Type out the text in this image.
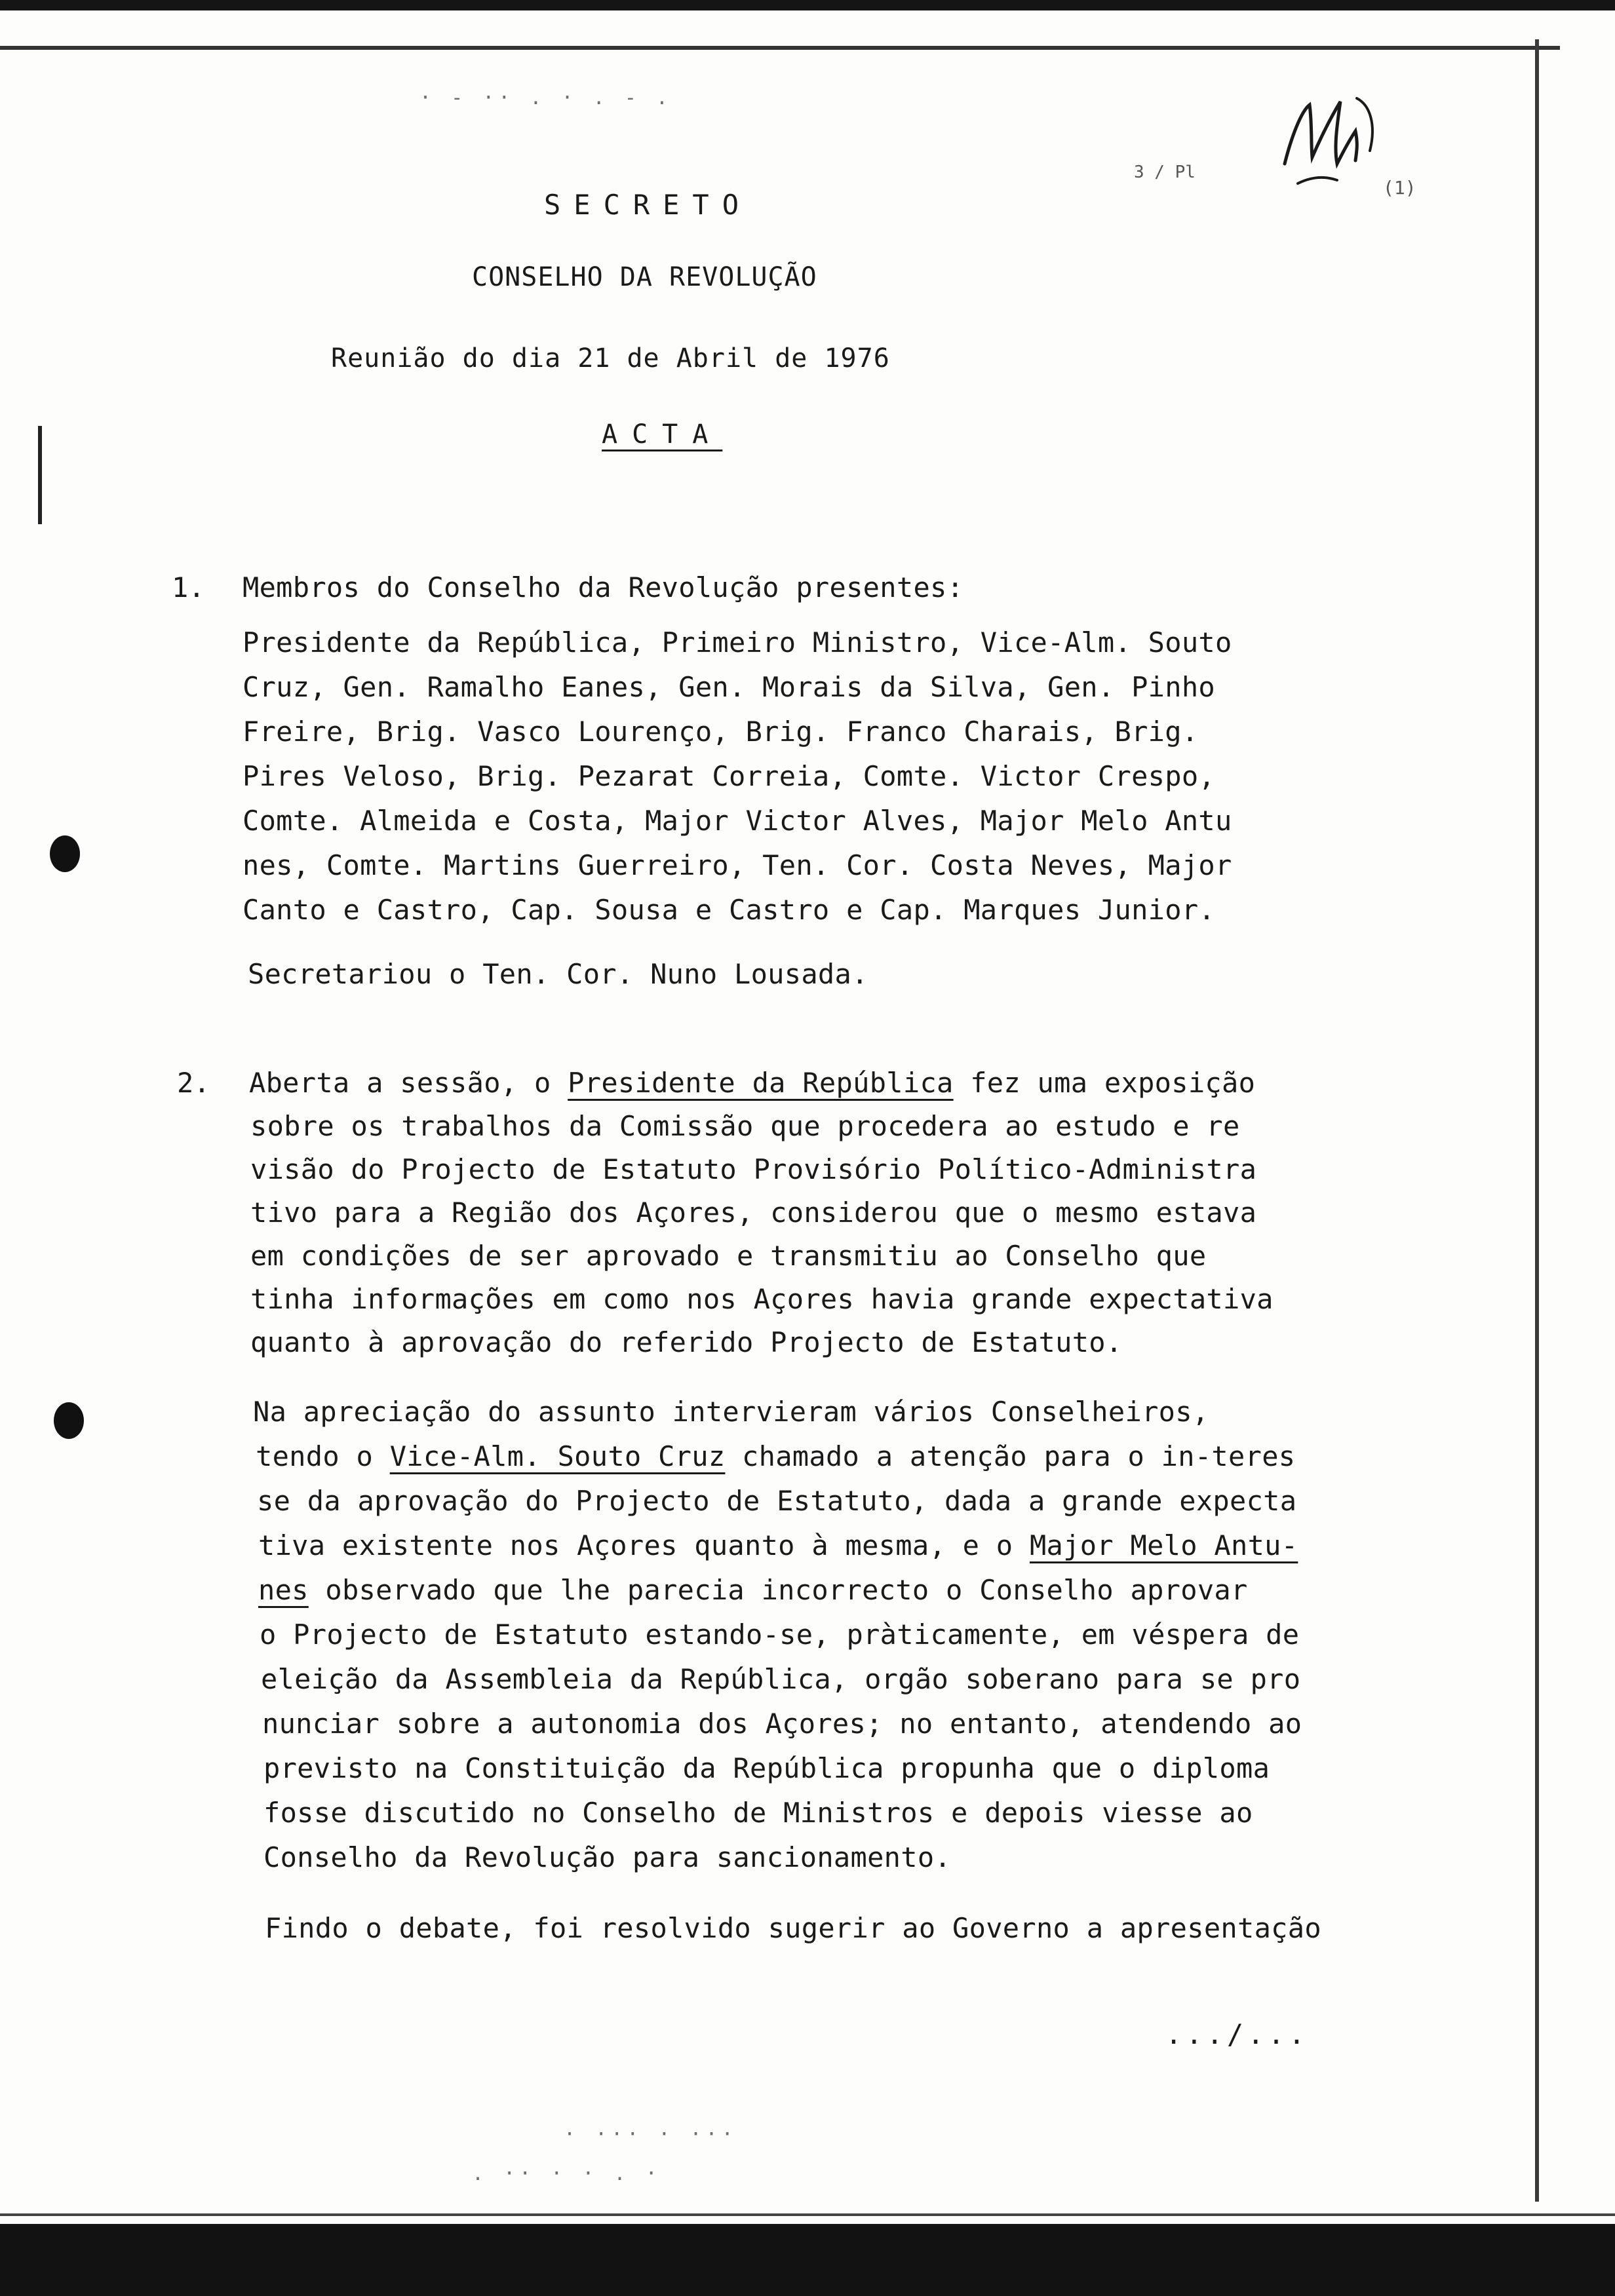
· - ·· . · . - .
· ··· · ···
. ·· · · . ·
3 / Pl
(1)
SECRETO
CONSELHO DA REVOLUÇÃO
Reunião do dia 21 de Abril de 1976
ACTA
1. Membros do Conselho da Revolução presentes:
Presidente da República, Primeiro Ministro, Vice-Alm. Souto
Cruz, Gen. Ramalho Eanes, Gen. Morais da Silva, Gen. Pinho
Freire, Brig. Vasco Lourenço, Brig. Franco Charais, Brig.
Pires Veloso, Brig. Pezarat Correia, Comte. Victor Crespo,
Comte. Almeida e Costa, Major Victor Alves, Major Melo Antu
nes, Comte. Martins Guerreiro, Ten. Cor. Costa Neves, Major
Canto e Castro, Cap. Sousa e Castro e Cap. Marques Junior.
Secretariou o Ten. Cor. Nuno Lousada.
2. Aberta a sessão, o Presidente da República fez uma exposição
sobre os trabalhos da Comissão que procedera ao estudo e re
visão do Projecto de Estatuto Provisório Político-Administra
tivo para a Região dos Açores, considerou que o mesmo estava
em condições de ser aprovado e transmitiu ao Conselho que
tinha informações em como nos Açores havia grande expectativa
quanto à aprovação do referido Projecto de Estatuto.
Na apreciação do assunto intervieram vários Conselheiros,
tendo o Vice-Alm. Souto Cruz chamado a atenção para o in-teres
se da aprovação do Projecto de Estatuto, dada a grande expecta
tiva existente nos Açores quanto à mesma, e o Major Melo Antu-
nes observado que lhe parecia incorrecto o Conselho aprovar
o Projecto de Estatuto estando-se, pràticamente, em véspera de
eleição da Assembleia da República, orgão soberano para se pro
nunciar sobre a autonomia dos Açores; no entanto, atendendo ao
previsto na Constituição da República propunha que o diploma
fosse discutido no Conselho de Ministros e depois viesse ao
Conselho da Revolução para sancionamento.
Findo o debate, foi resolvido sugerir ao Governo a apresentação
.../...
